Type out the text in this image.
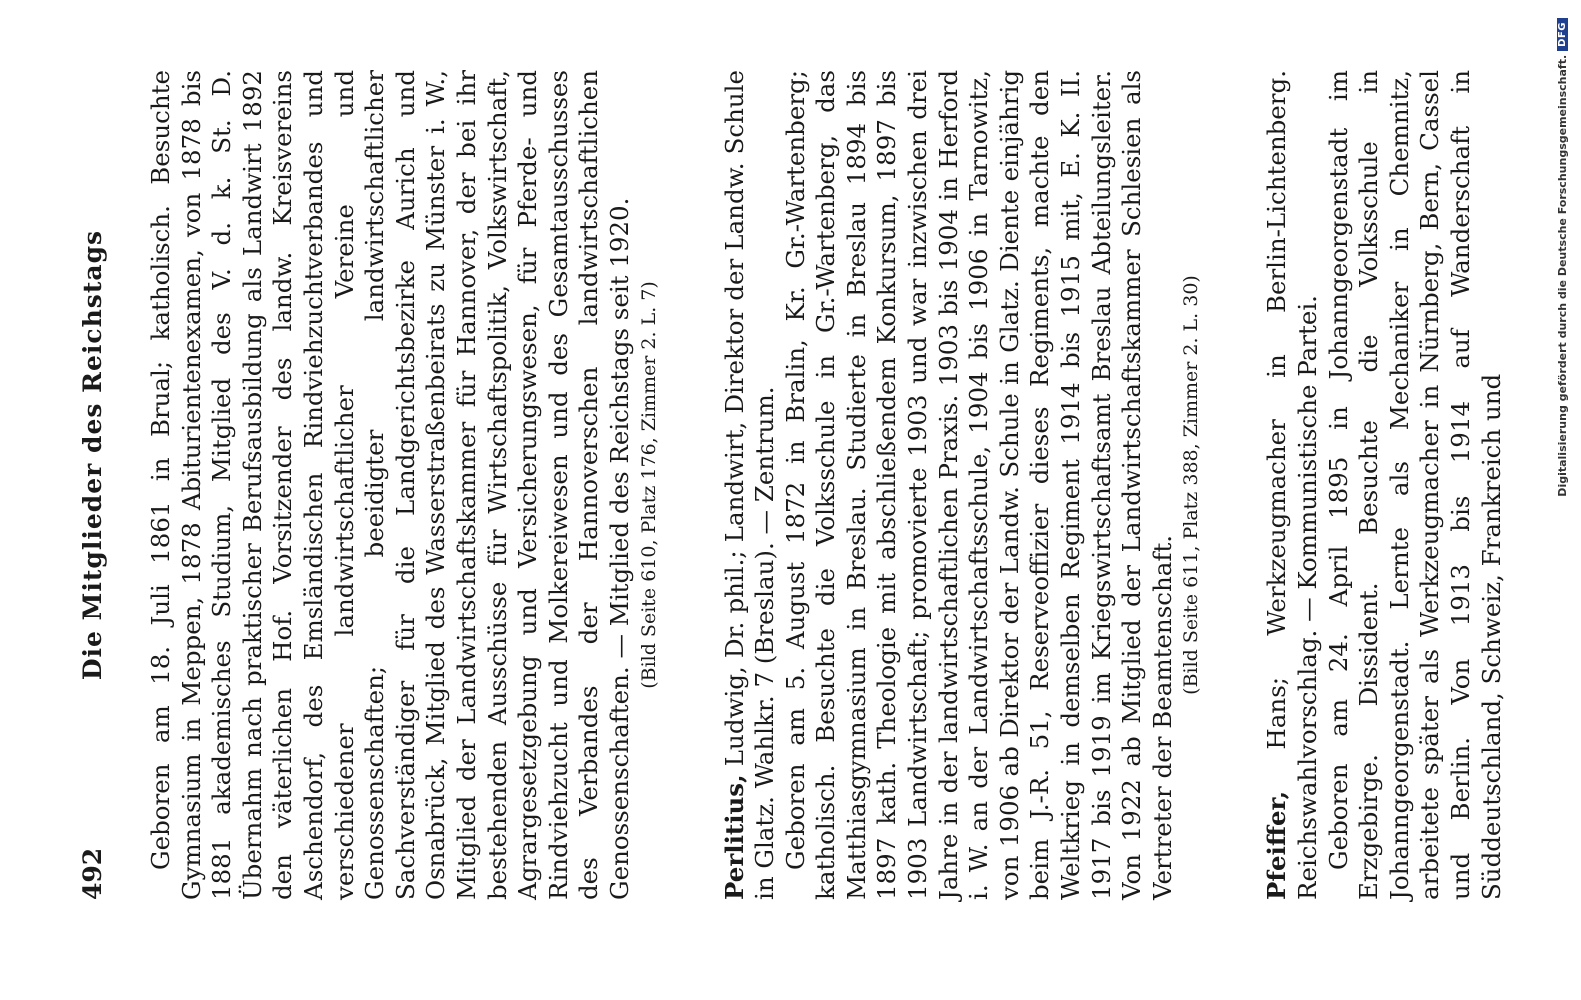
492
Die Mitglieder des Reichstags Geboren am 18. Juli 1861 in Brual; katholisch. Besuchte Gymnasium in Meppen, 1878 Abiturientenexamen, von 1878 bis 1881 akademisches Studium, Mitglied des V. d. k. St. D. Übernahm nach praktischer Berufsausbildung als Landwirt 1892 den väterlichen Hof. Vorsitzender des landw. Kreisvereins Aschendorf, des Emsländischen Rindviehzuchtverbandes und verschiedener landwirtschaftlicher Vereine und Genossenschaften; beeidigter landwirtschaftlicher Sachverständiger für die Landgerichtsbezirke Aurich und Osnabrück, Mitglied des Wasserstraßenbeirats zu Münster i. W., Mitglied der Landwirtschaftskammer für Hannover, der bei ihr bestehenden Ausschüsse für Wirtschaftspolitik, Volkswirtschaft, Agrargesetzgebung und Versicherungswesen, für Pferde- und Rindviehzucht und Molkereiwesen und des Gesamtausschusses des Verbandes der Hannoverschen landwirtschaftlichen Genossenschaften. — Mitglied des Reichstags seit 1920. (Bild Seite 610, Platz 176, Zimmer 2. L. 7)

Perlitius, Ludwig, Dr. phil.; Landwirt, Direktor der Landw. Schule in Glatz. Wahlkr. 7 (Breslau). — Zentrum. Geboren am 5. August 1872 in Bralin, Kr. Gr.-Wartenberg; katholisch. Besuchte die Volksschule in Gr.-Wartenberg, das Matthiasgymnasium in Breslau. Studierte in Breslau 1894 bis 1897 kath. Theologie mit abschließendem Konkursum, 1897 bis 1903 Landwirtschaft; promovierte 1903 und war inzwischen drei Jahre in der landwirtschaftlichen Praxis. 1903 bis 1904 in Herford i. W. an der Landwirtschaftsschule, 1904 bis 1906 in Tarnowitz, von 1906 ab Direktor der Landw. Schule in Glatz. Diente einjährig beim J.-R. 51, Reserveoffizier dieses Regiments, machte den Weltkrieg in demselben Regiment 1914 bis 1915 mit, E. K. II. 1917 bis 1919 im Kriegswirtschaftsamt Breslau Abteilungsleiter. Von 1922 ab Mitglied der Landwirtschaftskammer Schlesien als Vertreter der Beamtenschaft.

(Bild Seite 611, Platz 388, Zimmer 2. L. 30)

Pfeiffer, Hans; Werkzeugmacher in Berlin-Lichtenberg. Reichswahlvorschlag. — Kommunistische Partei. Geboren am 24. April 1895 in Johanngeorgenstadt im Erzgebirge. Dissident. Besuchte die Volksschule in Johanngeorgenstadt. Lernte als Mechaniker in Chemnitz, arbeitete später als Werkzeugmacher in Nürnberg, Bern, Cassel und Berlin. Von 1913 bis 1914 auf Wanderschaft in Süddeutschland, Schweiz, Frankreich und

Digitalisierung gefördert durch die Deutsche Forschungsgemeinschaft.
DFG
